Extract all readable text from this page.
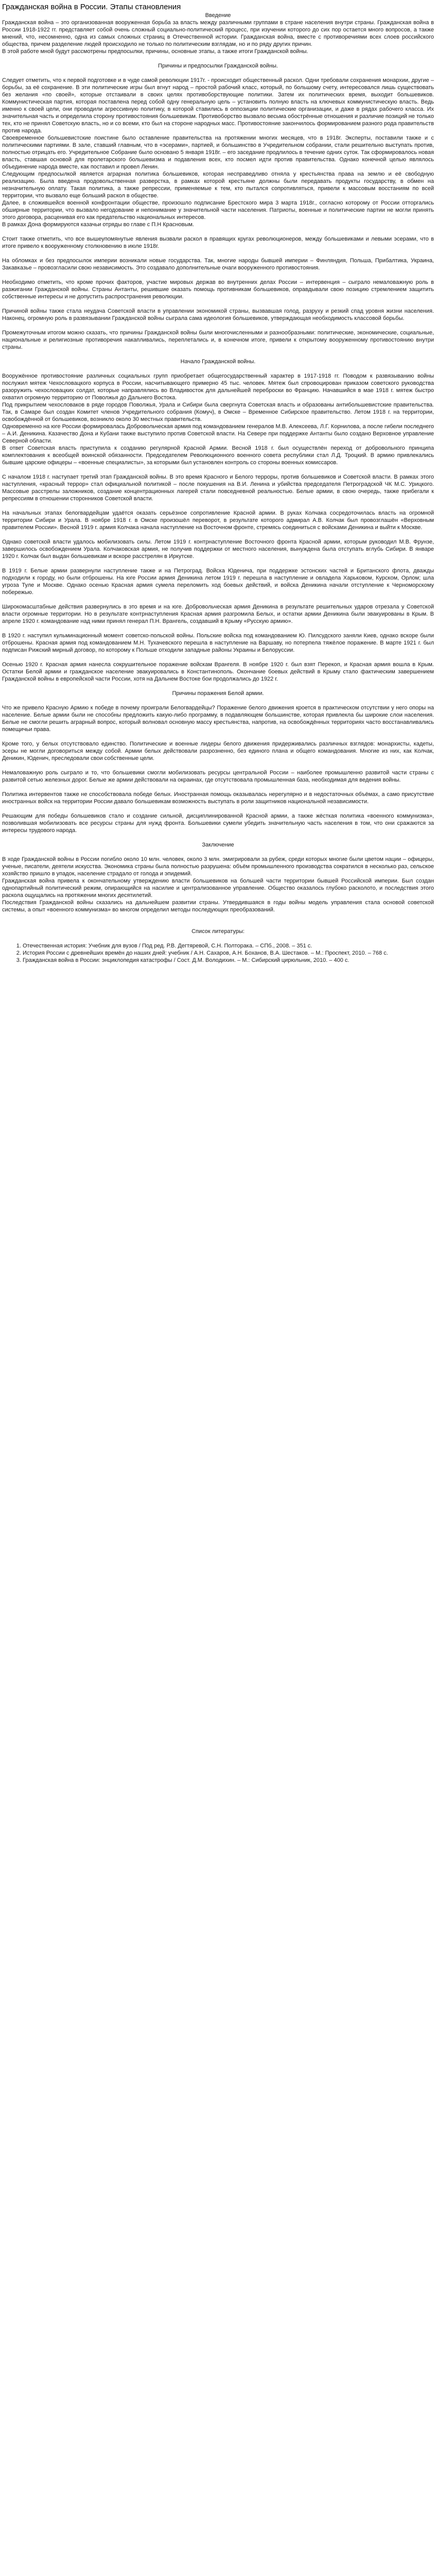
Гражданская война в России. Этапы становления

Введение

Гражданская война – это организованная вооруженная борьба за власть между различными группами в стране населения внутри страны. Гражданская война в России 1918-1922 гг. представляет собой очень сложный социально-политический процесс, при изучении которого до сих пор остается много вопросов, а также мнений, что, несомненно, одна из самых сложных страниц в Отечественной истории. Гражданская война, вместе с противоречиями всех слоев российского общества, причем разделение людей происходило не только по политическим взглядам, но и по ряду других причин.

В этой работе мной будут рассмотрены предпосылки, причины, основные этапы, а также итоги Гражданской войны.

Причины и предпосылки Гражданской войны.

Следует отметить, что к первой подготовке и в чуде самой революции 1917г. - происходит общественный раскол. Одни требовали сохранения монархии, другие – борьбы, за её сохранение. В эти политические игры был вгнут народ – простой рабочий класс, который, по большому счету, интересовался лишь существовать без желания «по своей», которые отстаивали в своих целях противоборствующие политики. Затем их политических время, выходит большевиков. Коммунистическая партия, которая поставлена перед собой одну генеральную цель – установить полную власть на ключевых коммунистическую власть. Ведь именно к своей цели, они проводили агрессивную политику, в которой ставились в оппозиции политические организации, и даже в рядах рабочего класса. Их значительная часть и определила сторону противостояния большевикам. Противоборство вызвало весьма обострённые отношения и различие позиций не только тех, кто не принял Советскую власть, но и со всеми, кто был на стороне народных масс. Противостояние закончилось формированием разного рода правительств против народа.

Своевременное большевистские поистине было оставление правительства на протяжении многих месяцев, что в 1918г. Эксперты, поставили также и с политическими партиями. В зале, ставший главным, что в «эсерами», партией, и большинство в Учредительном собрании, стали решительно выступать против, полностью отрицать его. Учредительное Собрание было основано 5 января 1918г. – его заседание продлилось в течение одних суток. Так сформировалось новая власть, ставшая основой для пролетарского большевизма и подавления всех, кто посмел идти против правительства. Однако конечной целью являлось объединение народа вместе, как поставил и провел Ленин.

Следующим предпосылкой является аграрная политика большевиков, которая несправедливо отняла у крестьянства права на землю и её свободную реализацию. Была введена продовольственная разверстка, в рамках которой крестьяне должны были передавать продукты государству, в обмен на незначительную оплату. Такая политика, а также репрессии, применяемые к тем, кто пытался сопротивляться, привели к массовым восстаниям по всей территории, что вызвало еще больший раскол в обществе.

Далее, в сложившейся военной конфронтации обществе, произошло подписание Брестского мира 3 марта 1918г., согласно которому от России отторгались обширные территории, что вызвало негодование и непонимание у значительной части населения. Патриоты, военные и политические партии не могли принять этого договора, расценивая его как предательство национальных интересов.

В рамках Дона формируются казачьи отряды во главе с П.Н Красновым.

Стоит также отметить, что все вышеупомянутые явления вызвали раскол в правящих кругах революционеров, между большевиками и левыми эсерами, что в итоге привело к вооруженному столкновению в июле 1918г.

На обломках и без предпосылок империи возникали новые государства. Так, многие народы бывшей империи – Финляндия, Польша, Прибалтика, Украина, Закавказье – провозгласили свою независимость. Это создавало дополнительные очаги вооруженного противостояния.

Необходимо отметить, что кроме прочих факторов, участие мировых держав во внутренних делах России – интервенция – сыграло немаловажную роль в разжигании Гражданской войны. Страны Антанты, решившие оказать помощь противникам большевиков, оправдывали свою позицию стремлением защитить собственные интересы и не допустить распространения революции.

Причиной войны также стала неудача Советской власти в управлении экономикой страны, вызвавшая голод, разруху и резкий спад уровня жизни населения. Наконец, огромную роль в развязывании Гражданской войны сыграла сама идеология большевиков, утверждающая необходимость классовой борьбы.

Промежуточным итогом можно сказать, что причины Гражданской войны были многочисленными и разнообразными: политические, экономические, социальные, национальные и религиозные противоречия накапливались, переплетались и, в конечном итоге, привели к открытому вооруженному противостоянию внутри страны.

Начало Гражданской войны.

Вооружённое противостояние различных социальных групп приобретает общегосударственный характер в 1917-1918 гг. Поводом к развязыванию войны послужил мятеж Чехословацкого корпуса в России, насчитывающего примерно 45 тыс. человек. Мятеж был спровоцирован приказом советского руководства разоружить чехословацких солдат, которые направлялись во Владивосток для дальнейшей переброски во Францию. Начавшийся в мае 1918 г. мятеж быстро охватил огромную территорию от Поволжья до Дальнего Востока.

Под прикрытием чехословаков в ряде городов Поволжья, Урала и Сибири была свергнута Советская власть и образованы антибольшевистские правительства. Так, в Самаре был создан Комитет членов Учредительного собрания (Комуч), в Омске – Временное Сибирское правительство. Летом 1918 г. на территории, освобождённой от большевиков, возникло около 30 местных правительств.

Одновременно на юге России формировалась Добровольческая армия под командованием генералов М.В. Алексеева, Л.Г. Корнилова, а после гибели последнего – А.И. Деникина. Казачество Дона и Кубани также выступило против Советской власти. На Севере при поддержке Антанты было создано Верховное управление Северной области.

В ответ Советская власть приступила к созданию регулярной Красной Армии. Весной 1918 г. был осуществлён переход от добровольного принципа комплектования к всеобщей воинской обязанности. Председателем Революционного военного совета республики стал Л.Д. Троцкий. В армию привлекались бывшие царские офицеры – «военные специалисты», за которыми был установлен контроль со стороны военных комиссаров.

С началом 1918 г. наступает третий этап Гражданской войны. В это время Красного и Белого терроры, против большевиков и Советской власти. В рамках этого наступления, «красный террор» стал официальной политикой – после покушения на В.И. Ленина и убийства председателя Петроградской ЧК М.С. Урицкого. Массовые расстрелы заложников, создание концентрационных лагерей стали повседневной реальностью. Белые армии, в свою очередь, также прибегали к репрессиям в отношении сторонников Советской власти.

На начальных этапах белогвардейцам удаётся оказать серьёзное сопротивление Красной армии. В руках Колчака сосредоточилась власть на огромной территории Сибири и Урала. В ноябре 1918 г. в Омске произошёл переворот, в результате которого адмирал А.В. Колчак был провозглашён «Верховным правителем России». Весной 1919 г. армия Колчака начала наступление на Восточном фронте, стремясь соединиться с войсками Деникина и выйти к Москве.

Однако советской власти удалось мобилизовать силы. Летом 1919 г. контрнаступление Восточного фронта Красной армии, которым руководил М.В. Фрунзе, завершилось освобождением Урала. Колчаковская армия, не получив поддержки от местного населения, вынуждена была отступать вглубь Сибири. В январе 1920 г. Колчак был выдан большевикам и вскоре расстрелян в Иркутске.

В 1919 г. Белые армии развернули наступление также и на Петроград. Войска Юденича, при поддержке эстонских частей и Британского флота, дважды подходили к городу, но были отброшены. На юге России армия Деникина летом 1919 г. перешла в наступление и овладела Харьковом, Курском, Орлом; шла угроза Туле и Москве. Однако осенью Красная армия сумела переломить ход боевых действий, и войска Деникина начали отступление к Черноморскому побережью.

Широкомасштабные действия развернулись в это время и на юге. Добровольческая армия Деникина в результате решительных ударов отрезала у Советской власти огромные территории. Но в результате контрнаступления Красная армия разгромила Белых, и остатки армии Деникина были эвакуированы в Крым. В апреле 1920 г. командование над ними принял генерал П.Н. Врангель, создавший в Крыму «Русскую армию».

В 1920 г. наступил кульминационный момент советско-польской войны. Польские войска под командованием Ю. Пилсудского заняли Киев, однако вскоре были отброшены. Красная армия под командованием М.Н. Тухачевского перешла в наступление на Варшаву, но потерпела тяжёлое поражение. В марте 1921 г. был подписан Рижский мирный договор, по которому к Польше отходили западные районы Украины и Белоруссии.

Осенью 1920 г. Красная армия нанесла сокрушительное поражение войскам Врангеля. В ноябре 1920 г. был взят Перекоп, и Красная армия вошла в Крым. Остатки Белой армии и гражданское население эвакуировались в Константинополь. Окончание боевых действий в Крыму стало фактическим завершением Гражданской войны в европейской части России, хотя на Дальнем Востоке бои продолжались до 1922 г.

Причины поражения Белой армии.

Что же привело Красную Армию к победе в почему проиграли Белогвардейцы? Поражение белого движения кроется в практическом отсутствии у него опоры на население. Белые армии были не способны предложить какую-либо программу, в подавляющем большинстве, которая привлекла бы широкие слои населения. Белые не смогли решить аграрный вопрос, который волновал основную массу крестьянства, напротив, на освобождённых территориях часто восстанавливались помещичьи права.

Кроме того, у белых отсутствовало единство. Политические и военные лидеры белого движения придерживались различных взглядов: монархисты, кадеты, эсеры не могли договориться между собой. Армии белых действовали разрозненно, без единого плана и общего командования. Многие из них, как Колчак, Деникин, Юденич, преследовали свои собственные цели.

Немаловажную роль сыграло и то, что большевики смогли мобилизовать ресурсы центральной России – наиболее промышленно развитой части страны с развитой сетью железных дорог. Белые же армии действовали на окраинах, где отсутствовала промышленная база, необходимая для ведения войны.

Политика интервентов также не способствовала победе белых. Иностранная помощь оказывалась нерегулярно и в недостаточных объёмах, а само присутствие иностранных войск на территории России давало большевикам возможность выступать в роли защитников национальной независимости.

Решающим для победы большевиков стало и создание сильной, дисциплинированной Красной армии, а также жёсткая политика «военного коммунизма», позволившая мобилизовать все ресурсы страны для нужд фронта. Большевики сумели убедить значительную часть населения в том, что они сражаются за интересы трудового народа.

Заключение

В ходе Гражданской войны в России погибло около 10 млн. человек, около 3 млн. эмигрировали за рубеж, среди которых многие были цветом нации – офицеры, ученые, писатели, деятели искусства. Экономика страны была полностью разрушена: объём промышленного производства сократился в несколько раз, сельское хозяйство пришло в упадок, население страдало от голода и эпидемий.

Гражданская война привела к окончательному утверждению власти большевиков на большей части территории бывшей Российской империи. Был создан однопартийный политический режим, опирающийся на насилие и централизованное управление. Общество оказалось глубоко расколото, и последствия этого раскола ощущались на протяжении многих десятилетий.

Последствия Гражданской войны сказались на дальнейшем развитии страны. Утвердившаяся в годы войны модель управления стала основой советской системы, а опыт «военного коммунизма» во многом определил методы последующих преобразований.

Список литературы:

1. Отечественная история: Учебник для вузов / Под ред. Р.В. Дегтяревой, С.Н. Полторака. – СПб., 2008. – 351 с.
2. История России с древнейших времён до наших дней: учебник / А.Н. Сахаров, А.Н. Боханов, В.А. Шестаков. – М.: Проспект, 2010. – 768 с.
3. Гражданская война в России: энциклопедия катастрофы / Сост. Д.М. Володихин. – М.: Сибирский цирюльник, 2010. – 400 с.
